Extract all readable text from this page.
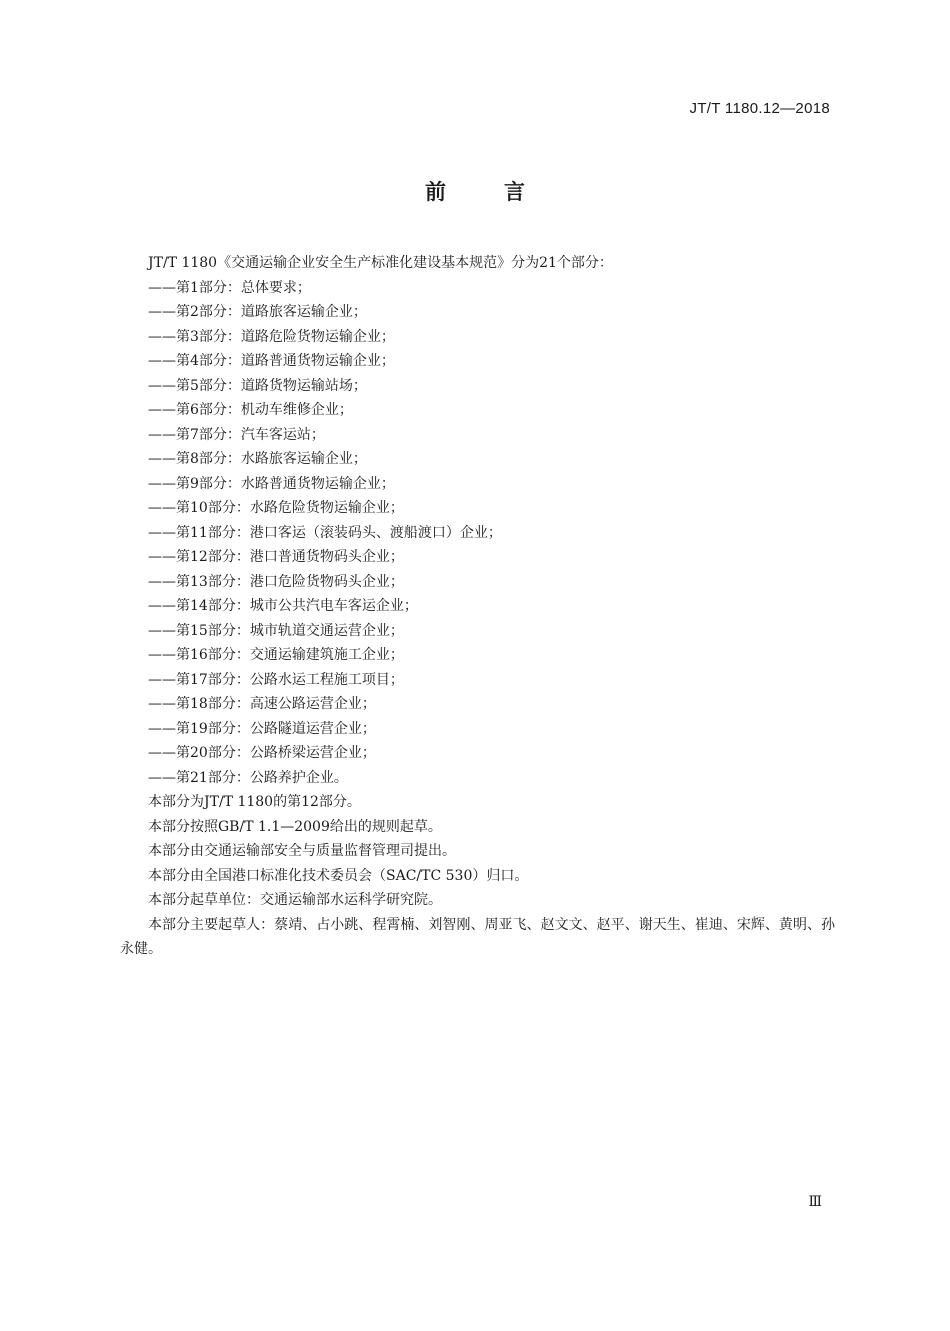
JT/T 1180.12—2018
前言

JT/T 1180《交通运输企业安全生产标准化建设基本规范》分为21个部分：

——第1部分：总体要求；

——第2部分：道路旅客运输企业；

——第3部分：道路危险货物运输企业；

——第4部分：道路普通货物运输企业；

——第5部分：道路货物运输站场；

——第6部分：机动车维修企业；

——第7部分：汽车客运站；

——第8部分：水路旅客运输企业；

——第9部分：水路普通货物运输企业；

——第10部分：水路危险货物运输企业；

——第11部分：港口客运（滚装码头、渡船渡口）企业；

——第12部分：港口普通货物码头企业；

——第13部分：港口危险货物码头企业；

——第14部分：城市公共汽电车客运企业；

——第15部分：城市轨道交通运营企业；

——第16部分：交通运输建筑施工企业；

——第17部分：公路水运工程施工项目；

——第18部分：高速公路运营企业；

——第19部分：公路隧道运营企业；

——第20部分：公路桥梁运营企业；

——第21部分：公路养护企业。

本部分为JT/T 1180的第12部分。

本部分按照GB/T 1.1—2009给出的规则起草。

本部分由交通运输部安全与质量监督管理司提出。

本部分由全国港口标准化技术委员会（SAC/TC 530）归口。

本部分起草单位：交通运输部水运科学研究院。

本部分主要起草人：蔡靖、占小跳、程霄楠、刘智刚、周亚飞、赵文文、赵平、谢天生、崔迪、宋辉、黄明、孙永健。

Ⅲ
